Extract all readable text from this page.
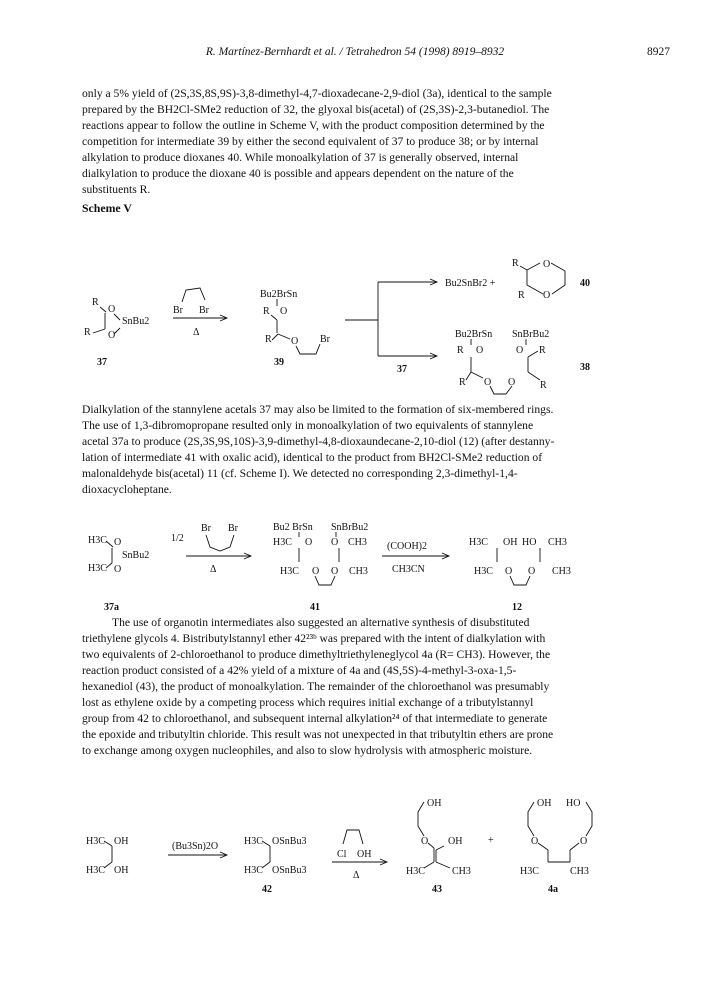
R. Martínez-Bernhardt et al. / Tetrahedron 54 (1998) 8919–8932	8927
only a 5% yield of (2S,3S,8S,9S)-3,8-dimethyl-4,7-dioxadecane-2,9-diol (3a), identical to the sample
prepared by the BH2Cl-SMe2 reduction of 32, the glyoxal bis(acetal) of (2S,3S)-2,3-butanediol. The
reactions appear to follow the outline in Scheme V, with the product composition determined by the
competition for intermediate 39 by either the second equivalent of 37 to produce 38; or by internal
alkylation to produce dioxanes 40. While monoalkylation of 37 is generally observed, internal
dialkylation to produce the dioxane 40 is possible and appears dependent on the nature of the
substituents R.
Scheme V
R
O
SnBu2
R O
37
Br Br
Δ
Bu2BrSn
R O
R O Br
39
37
Bu2SnBr2 +
R O
O
R
40
Bu2BrSn SnBrBu2
R O	O R
R O O R
38
Dialkylation of the stannylene acetals 37 may also be limited to the formation of six-membered rings.
The use of 1,3-dibromopropane resulted only in monoalkylation of two equivalents of stannylene
acetal 37a to produce (2S,3S,9S,10S)-3,9-dimethyl-4,8-dioxaundecane-2,10-diol (12) (after destanny-
lation of intermediate 41 with oxalic acid), identical to the product from BH2Cl-SMe2 reduction of
malonaldehyde bis(acetal) 11 (cf. Scheme I). We detected no corresponding 2,3-dimethyl-1,4-
dioxacycloheptane.
H3C O
SnBu2
H3C O
37a
1/2
Br Br
Δ
Bu2 BrSn SnBrBu2
H3C O O CH3
H3C O O CH3
41
(COOH)2
CH3CN
H3C OH HO CH3
H3C O O CH3
12
The use of organotin intermediates also suggested an alternative synthesis of disubstituted
triethylene glycols 4. Bistributylstannyl ether 42²³ᵇ was prepared with the intent of dialkylation with
two equivalents of 2-chloroethanol to produce dimethyltriethyleneglycol 4a (R= CH3). However, the
reaction product consisted of a 42% yield of a mixture of 4a and (4S,5S)-4-methyl-3-oxa-1,5-
hexanediol (43), the product of monoalkylation. The remainder of the chloroethanol was presumably
lost as ethylene oxide by a competing process which requires initial exchange of a tributylstannyl
group from 42 to chloroethanol, and subsequent internal alkylation²⁴ of that intermediate to generate
the epoxide and tributyltin chloride. This result was not unexpected in that tributyltin ethers are prone
to exchange among oxygen nucleophiles, and also to slow hydrolysis with atmospheric moisture.
H3C OH
H3C OH
(Bu3Sn)2O	H3C OSnBu3
H3C OSnBu3
42
Cl OH
Δ
OH
O OH
H3C	CH3
43
+
OH HO
O	O
H3C	CH3
4a
